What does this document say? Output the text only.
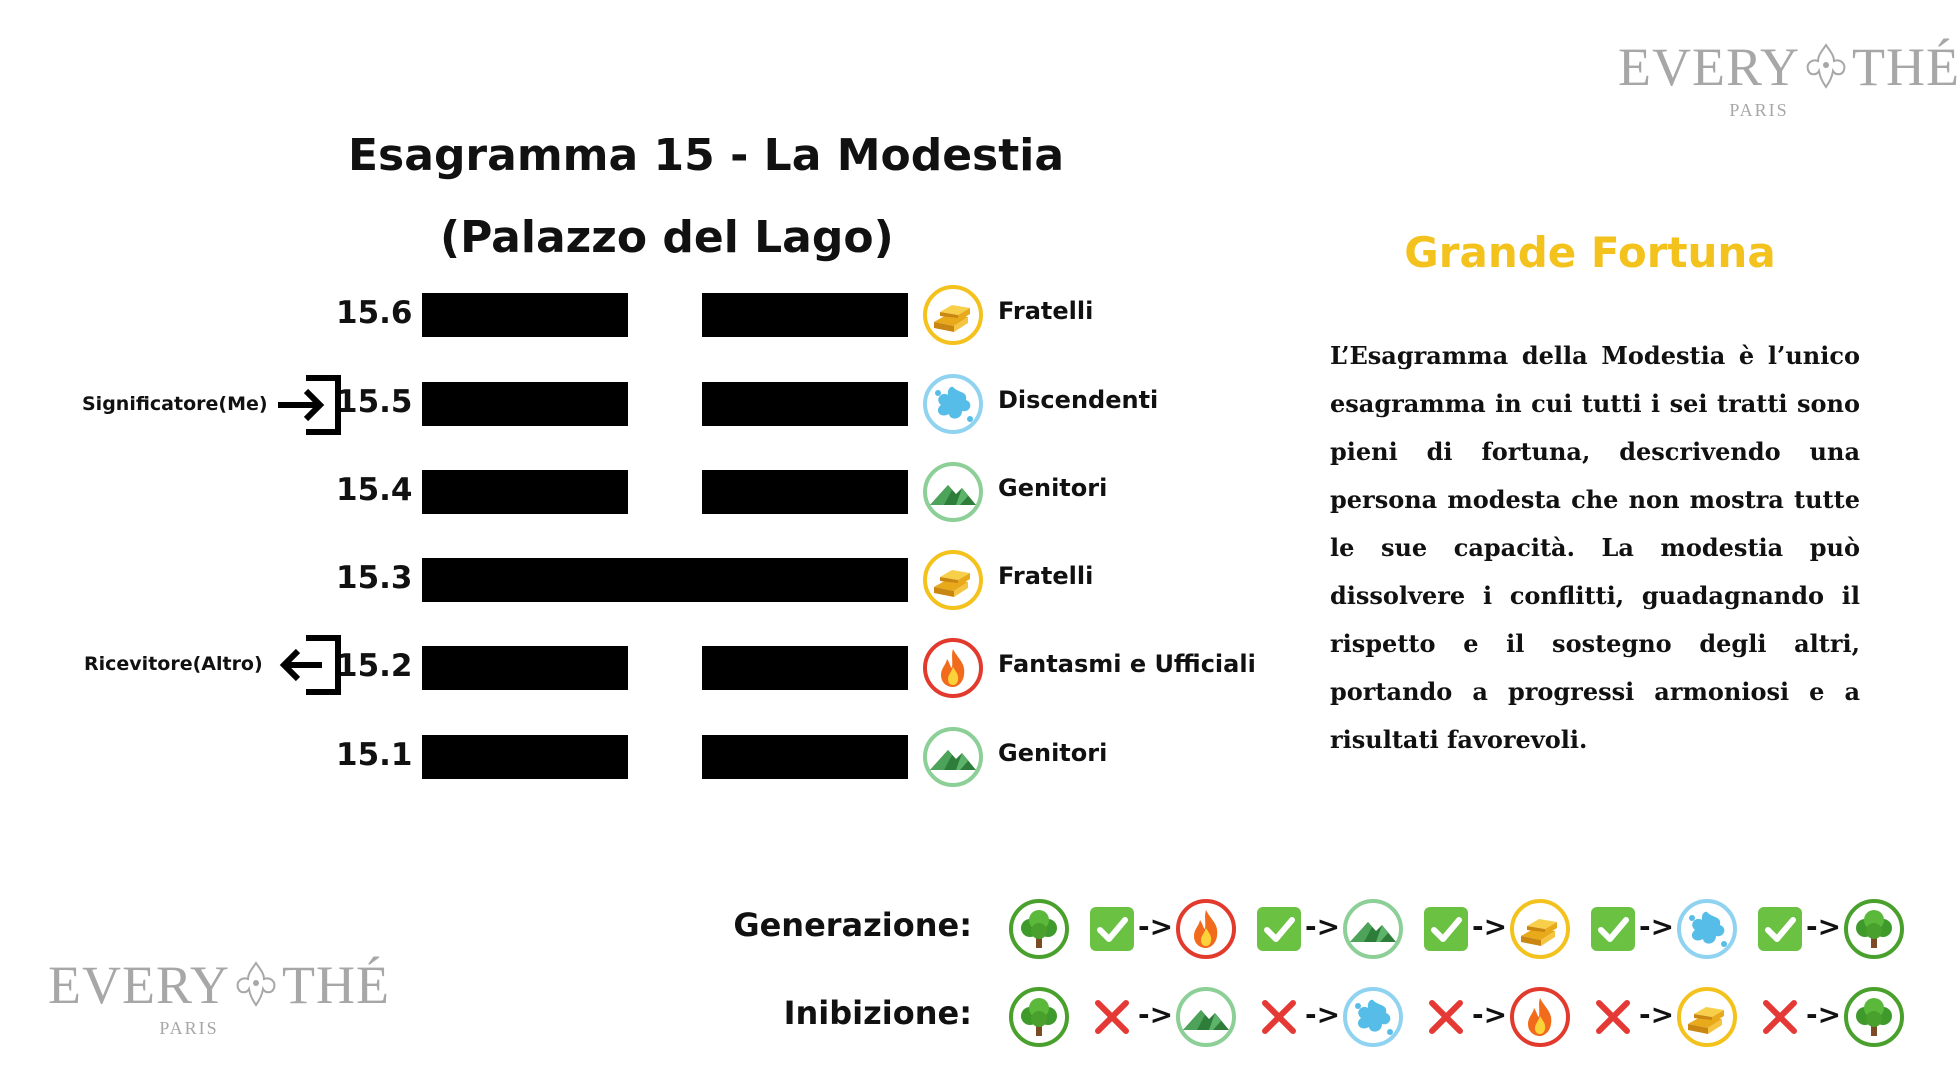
EVERY THÉ
PARIS
EVERY THÉ
PARIS
Esagramma 15 - La Modestia
(Palazzo del Lago)
15.6	Fratelli
15.5	Discendenti
15.4	Genitori
15.3	Fratelli
15.2	Fantasmi e Ufficiali
15.1	Genitori
Significatore(Me)
Ricevitore(Altro)
Grande Fortuna
L’Esagramma della Modestia è l’unico esagramma in cui tutti i sei tratti sono pieni di fortuna, descrivendo una persona modesta che non mostra tutte le sue capacità. La modestia può dissolvere i conflitti, guadagnando il rispetto e il sostegno degli altri, portando a progressi armoniosi e a risultati favorevoli.
Generazione:
Inibizione:
->	->	->	->	->
->	->	->	->	->
